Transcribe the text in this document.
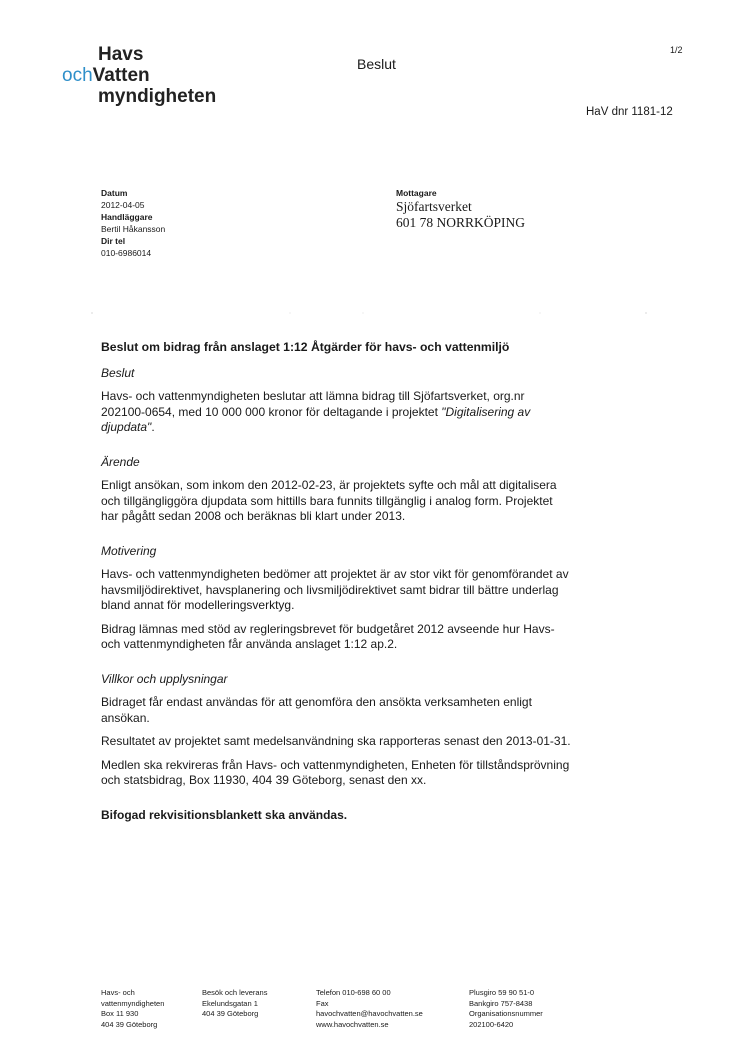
Havs
ochVatten
myndigheten
Beslut
1/2
HaV dnr 1181-12
Datum
2012-04-05
Handläggare
Bertil Håkansson
Dir tel
010-6986014
Mottagare
Sjöfartsverket
601 78 NORRKÖPING
Beslut om bidrag från anslaget 1:12 Åtgärder för havs- och vattenmiljö
Beslut
Havs- och vattenmyndigheten beslutar att lämna bidrag till Sjöfartsverket, org.nr 202100-0654, med 10 000 000 kronor för deltagande i projektet "Digitalisering av djupdata".
Ärende
Enligt ansökan, som inkom den 2012-02-23, är projektets syfte och mål att digitalisera och tillgängliggöra djupdata som hittills bara funnits tillgänglig i analog form. Projektet har pågått sedan 2008 och beräknas bli klart under 2013.
Motivering
Havs- och vattenmyndigheten bedömer att projektet är av stor vikt för genomförandet av havsmiljödirektivet, havsplanering och livsmiljödirektivet samt bidrar till bättre underlag bland annat för modelleringsverktyg.
Bidrag lämnas med stöd av regleringsbrevet för budgetåret 2012 avseende hur Havs- och vattenmyndigheten får använda anslaget 1:12 ap.2.
Villkor och upplysningar
Bidraget får endast användas för att genomföra den ansökta verksamheten enligt ansökan.
Resultatet av projektet samt medelsanvändning ska rapporteras senast den 2013-01-31.
Medlen ska rekvireras från Havs- och vattenmyndigheten, Enheten för tillståndsprövning och statsbidrag, Box 11930, 404 39 Göteborg, senast den xx.
Bifogad rekvisitionsblankett ska användas.
Havs- och
vattenmyndigheten
Box 11 930
404 39 Göteborg
Besök och leverans
Ekelundsgatan 1
404 39 Göteborg
Telefon 010-698 60 00
Fax
havochvatten@havochvatten.se
www.havochvatten.se
Plusgiro 59 90 51-0
Bankgiro 757-8438
Organisationsnummer
202100-6420
